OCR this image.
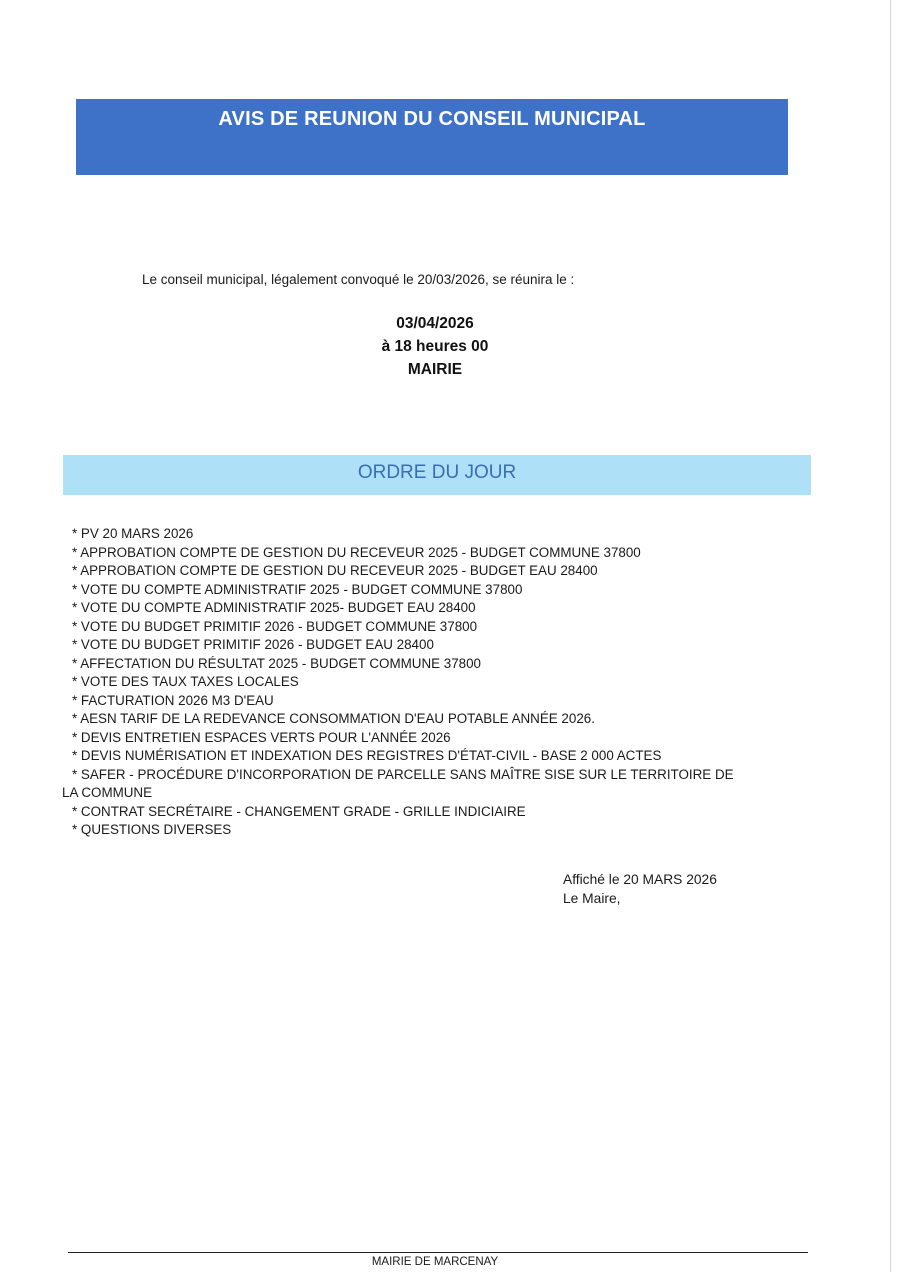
AVIS DE REUNION DU CONSEIL MUNICIPAL
Le conseil municipal, légalement convoqué le 20/03/2026, se réunira le :
03/04/2026
à 18 heures 00
MAIRIE
ORDRE DU JOUR
* PV 20 MARS 2026
* APPROBATION COMPTE DE GESTION DU RECEVEUR 2025 - BUDGET COMMUNE 37800
* APPROBATION COMPTE DE GESTION DU RECEVEUR 2025 - BUDGET EAU 28400
* VOTE DU COMPTE ADMINISTRATIF 2025 - BUDGET COMMUNE 37800
* VOTE DU COMPTE ADMINISTRATIF 2025- BUDGET EAU 28400
* VOTE DU BUDGET PRIMITIF 2026 - BUDGET COMMUNE 37800
* VOTE DU BUDGET PRIMITIF 2026 - BUDGET EAU 28400
* AFFECTATION DU RÉSULTAT 2025 - BUDGET COMMUNE 37800
* VOTE DES TAUX TAXES LOCALES
* FACTURATION 2026 M3 D'EAU
* AESN TARIF DE LA REDEVANCE CONSOMMATION D'EAU POTABLE ANNÉE 2026.
* DEVIS ENTRETIEN ESPACES VERTS POUR L'ANNÉE 2026
* DEVIS NUMÉRISATION ET INDEXATION DES REGISTRES D'ÉTAT-CIVIL - BASE 2 000 ACTES
* SAFER - PROCÉDURE D'INCORPORATION DE PARCELLE SANS MAÎTRE SISE SUR LE TERRITOIRE DE
LA COMMUNE
* CONTRAT SECRÉTAIRE - CHANGEMENT GRADE - GRILLE INDICIAIRE
* QUESTIONS DIVERSES
Affiché le 20 MARS 2026
Le Maire,
MAIRIE DE MARCENAY
